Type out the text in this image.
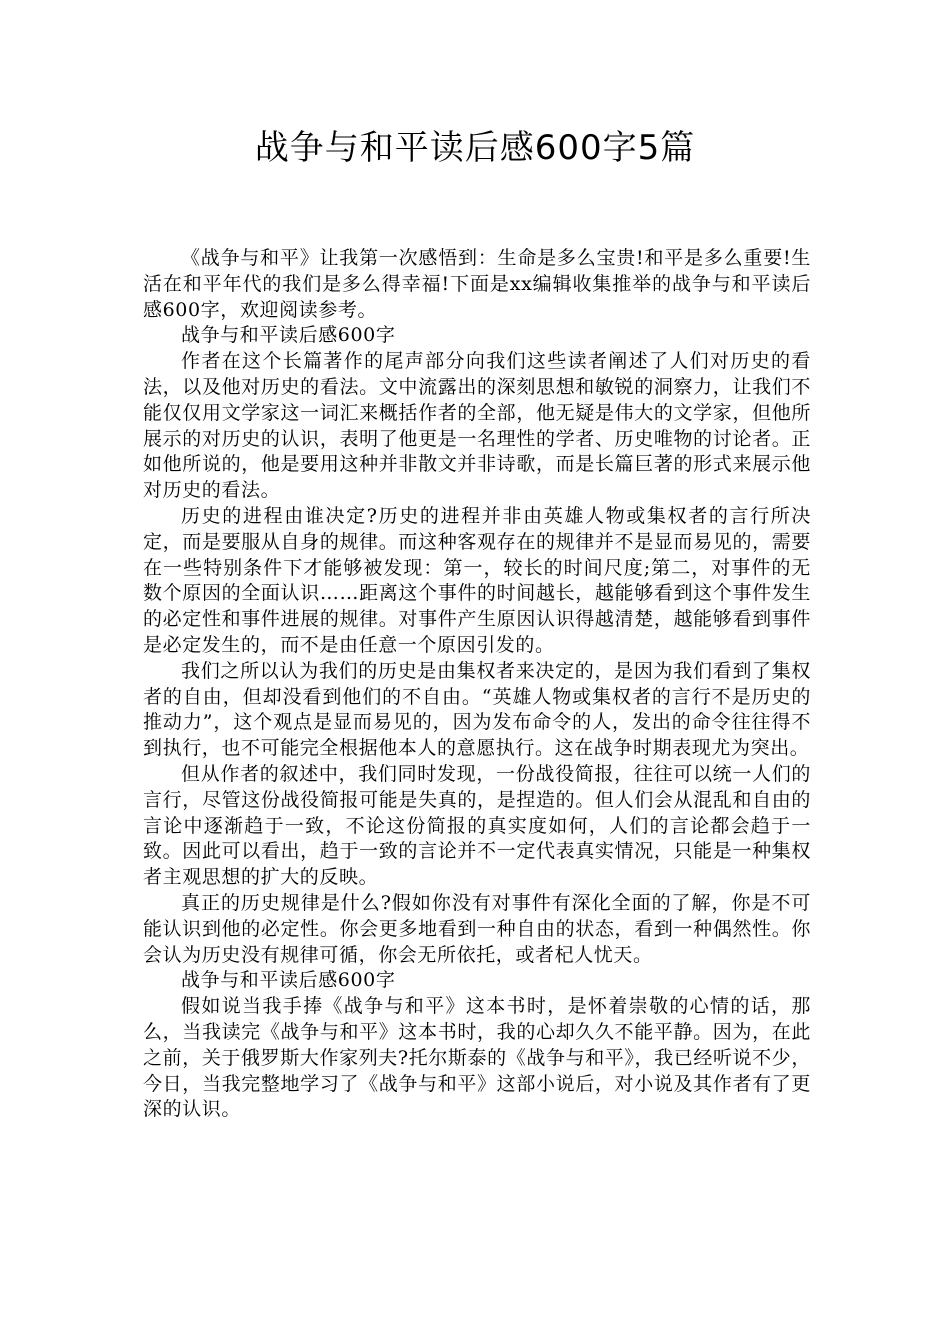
战争与和平读后感600字5篇

《战争与和平》让我第一次感悟到：生命是多么宝贵!和平是多么重要!生活在和平年代的我们是多么得幸福!下面是xx编辑收集推举的战争与和平读后感600字，欢迎阅读参考。

战争与和平读后感600字

作者在这个长篇著作的尾声部分向我们这些读者阐述了人们对历史的看法，以及他对历史的看法。文中流露出的深刻思想和敏锐的洞察力，让我们不能仅仅用文学家这一词汇来概括作者的全部，他无疑是伟大的文学家，但他所展示的对历史的认识，表明了他更是一名理性的学者、历史唯物的讨论者。正如他所说的，他是要用这种并非散文并非诗歌，而是长篇巨著的形式来展示他对历史的看法。

历史的进程由谁决定?历史的进程并非由英雄人物或集权者的言行所决定，而是要服从自身的规律。而这种客观存在的规律并不是显而易见的，需要在一些特别条件下才能够被发现：第一，较长的时间尺度;第二，对事件的无数个原因的全面认识……距离这个事件的时间越长，越能够看到这个事件发生的必定性和事件进展的规律。对事件产生原因认识得越清楚，越能够看到事件是必定发生的，而不是由任意一个原因引发的。

我们之所以认为我们的历史是由集权者来决定的，是因为我们看到了集权者的自由，但却没看到他们的不自由。“英雄人物或集权者的言行不是历史的推动力”，这个观点是显而易见的，因为发布命令的人，发出的命令往往得不到执行，也不可能完全根据他本人的意愿执行。这在战争时期表现尤为突出。

但从作者的叙述中，我们同时发现，一份战役简报，往往可以统一人们的言行，尽管这份战役简报可能是失真的，是捏造的。但人们会从混乱和自由的言论中逐渐趋于一致，不论这份简报的真实度如何，人们的言论都会趋于一致。因此可以看出，趋于一致的言论并不一定代表真实情况，只能是一种集权者主观思想的扩大的反映。

真正的历史规律是什么?假如你没有对事件有深化全面的了解，你是不可能认识到他的必定性。你会更多地看到一种自由的状态，看到一种偶然性。你会认为历史没有规律可循，你会无所依托，或者杞人忧天。

战争与和平读后感600字

假如说当我手捧《战争与和平》这本书时，是怀着崇敬的心情的话，那么，当我读完《战争与和平》这本书时，我的心却久久不能平静。因为，在此之前，关于俄罗斯大作家列夫?托尔斯泰的《战争与和平》，我已经听说不少，今日，当我完整地学习了《战争与和平》这部小说后，对小说及其作者有了更深的认识。
